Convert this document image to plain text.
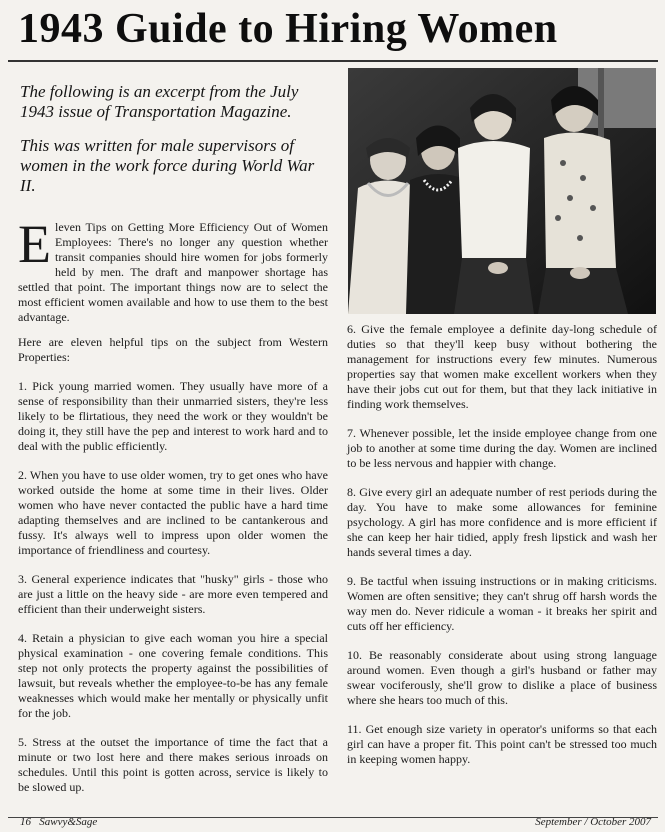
1943 Guide to Hiring Women
The following is an excerpt from the July 1943 issue of Transportation Magazine.
This was written for male supervisors of women in the work force during World War II.

Eleven Tips on Getting More Efficiency Out of Women Employees: There's no longer any question whether transit companies should hire women for jobs formerly held by men. The draft and manpower shortage has settled that point. The important things now are to select the most efficient women available and how to use them to the best advantage.

Here are eleven helpful tips on the subject from Western Properties:

1. Pick young married women. They usually have more of a sense of responsibility than their unmarried sisters, they're less likely to be flirtatious, they need the work or they wouldn't be doing it, they still have the pep and interest to work hard and to deal with the public efficiently.

2. When you have to use older women, try to get ones who have worked outside the home at some time in their lives. Older women who have never contacted the public have a hard time adapting themselves and are inclined to be cantankerous and fussy. It's always well to impress upon older women the importance of friendliness and courtesy.

3. General experience indicates that "husky" girls - those who are just a little on the heavy side - are more even tempered and efficient than their underweight sisters.

4. Retain a physician to give each woman you hire a special physical examination - one covering female conditions. This step not only protects the property against the possibilities of lawsuit, but reveals whether the employee-to-be has any female weaknesses which would make her mentally or physically unfit for the job.

5. Stress at the outset the importance of time the fact that a minute or two lost here and there makes serious inroads on schedules. Until this point is gotten across, service is likely to be slowed up.

6. Give the female employee a definite day-long schedule of duties so that they'll keep busy without bothering the management for instructions every few minutes. Numerous properties say that women make excellent workers when they have their jobs cut out for them, but that they lack initiative in finding work themselves.

7. Whenever possible, let the inside employee change from one job to another at some time during the day. Women are inclined to be less nervous and happier with change.

8. Give every girl an adequate number of rest periods during the day. You have to make some allowances for feminine psychology. A girl has more confidence and is more efficient if she can keep her hair tidied, apply fresh lipstick and wash her hands several times a day.

9. Be tactful when issuing instructions or in making criticisms. Women are often sensitive; they can't shrug off harsh words the way men do. Never ridicule a woman - it breaks her spirit and cuts off her efficiency.

10. Be reasonably considerate about using strong language around women. Even though a girl's husband or father may swear vociferously, she'll grow to dislike a place of business where she hears too much of this.

11. Get enough size variety in operator's uniforms so that each girl can have a proper fit. This point can't be stressed too much in keeping women happy.

16 Sawvy&Sage	September / October 2007
